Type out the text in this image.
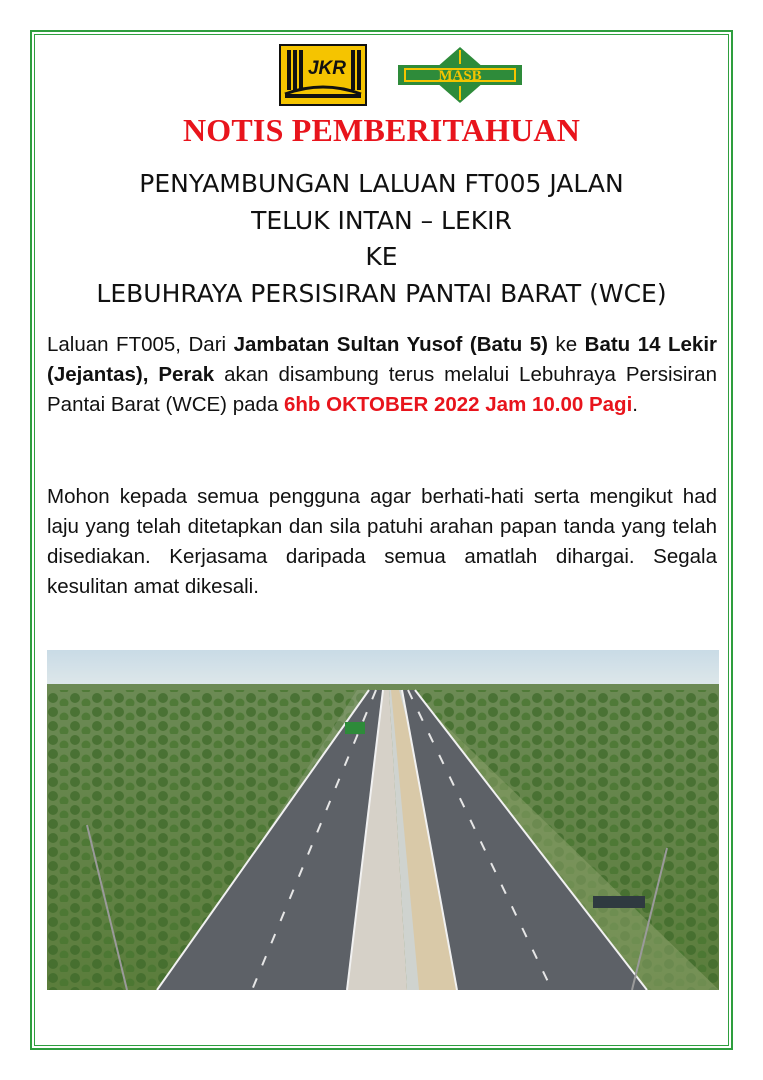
JKR	MASB
NOTIS PEMBERITAHUAN
PENYAMBUNGAN LALUAN FT005 JALAN
TELUK INTAN – LEKIR
KE
LEBUHRAYA PERSISIRAN PANTAI BARAT (WCE)

Laluan FT005, Dari Jambatan Sultan Yusof (Batu 5) ke Batu 14 Lekir (Jejantas), Perak akan disambung terus melalui Lebuhraya Persisiran Pantai Barat (WCE) pada 6hb OKTOBER 2022 Jam 10.00 Pagi.

Mohon kepada semua pengguna agar berhati-hati serta mengikut had laju yang telah ditetapkan dan sila patuhi arahan papan tanda yang telah disediakan. Kerjasama daripada semua amatlah dihargai. Segala kesulitan amat dikesali.
